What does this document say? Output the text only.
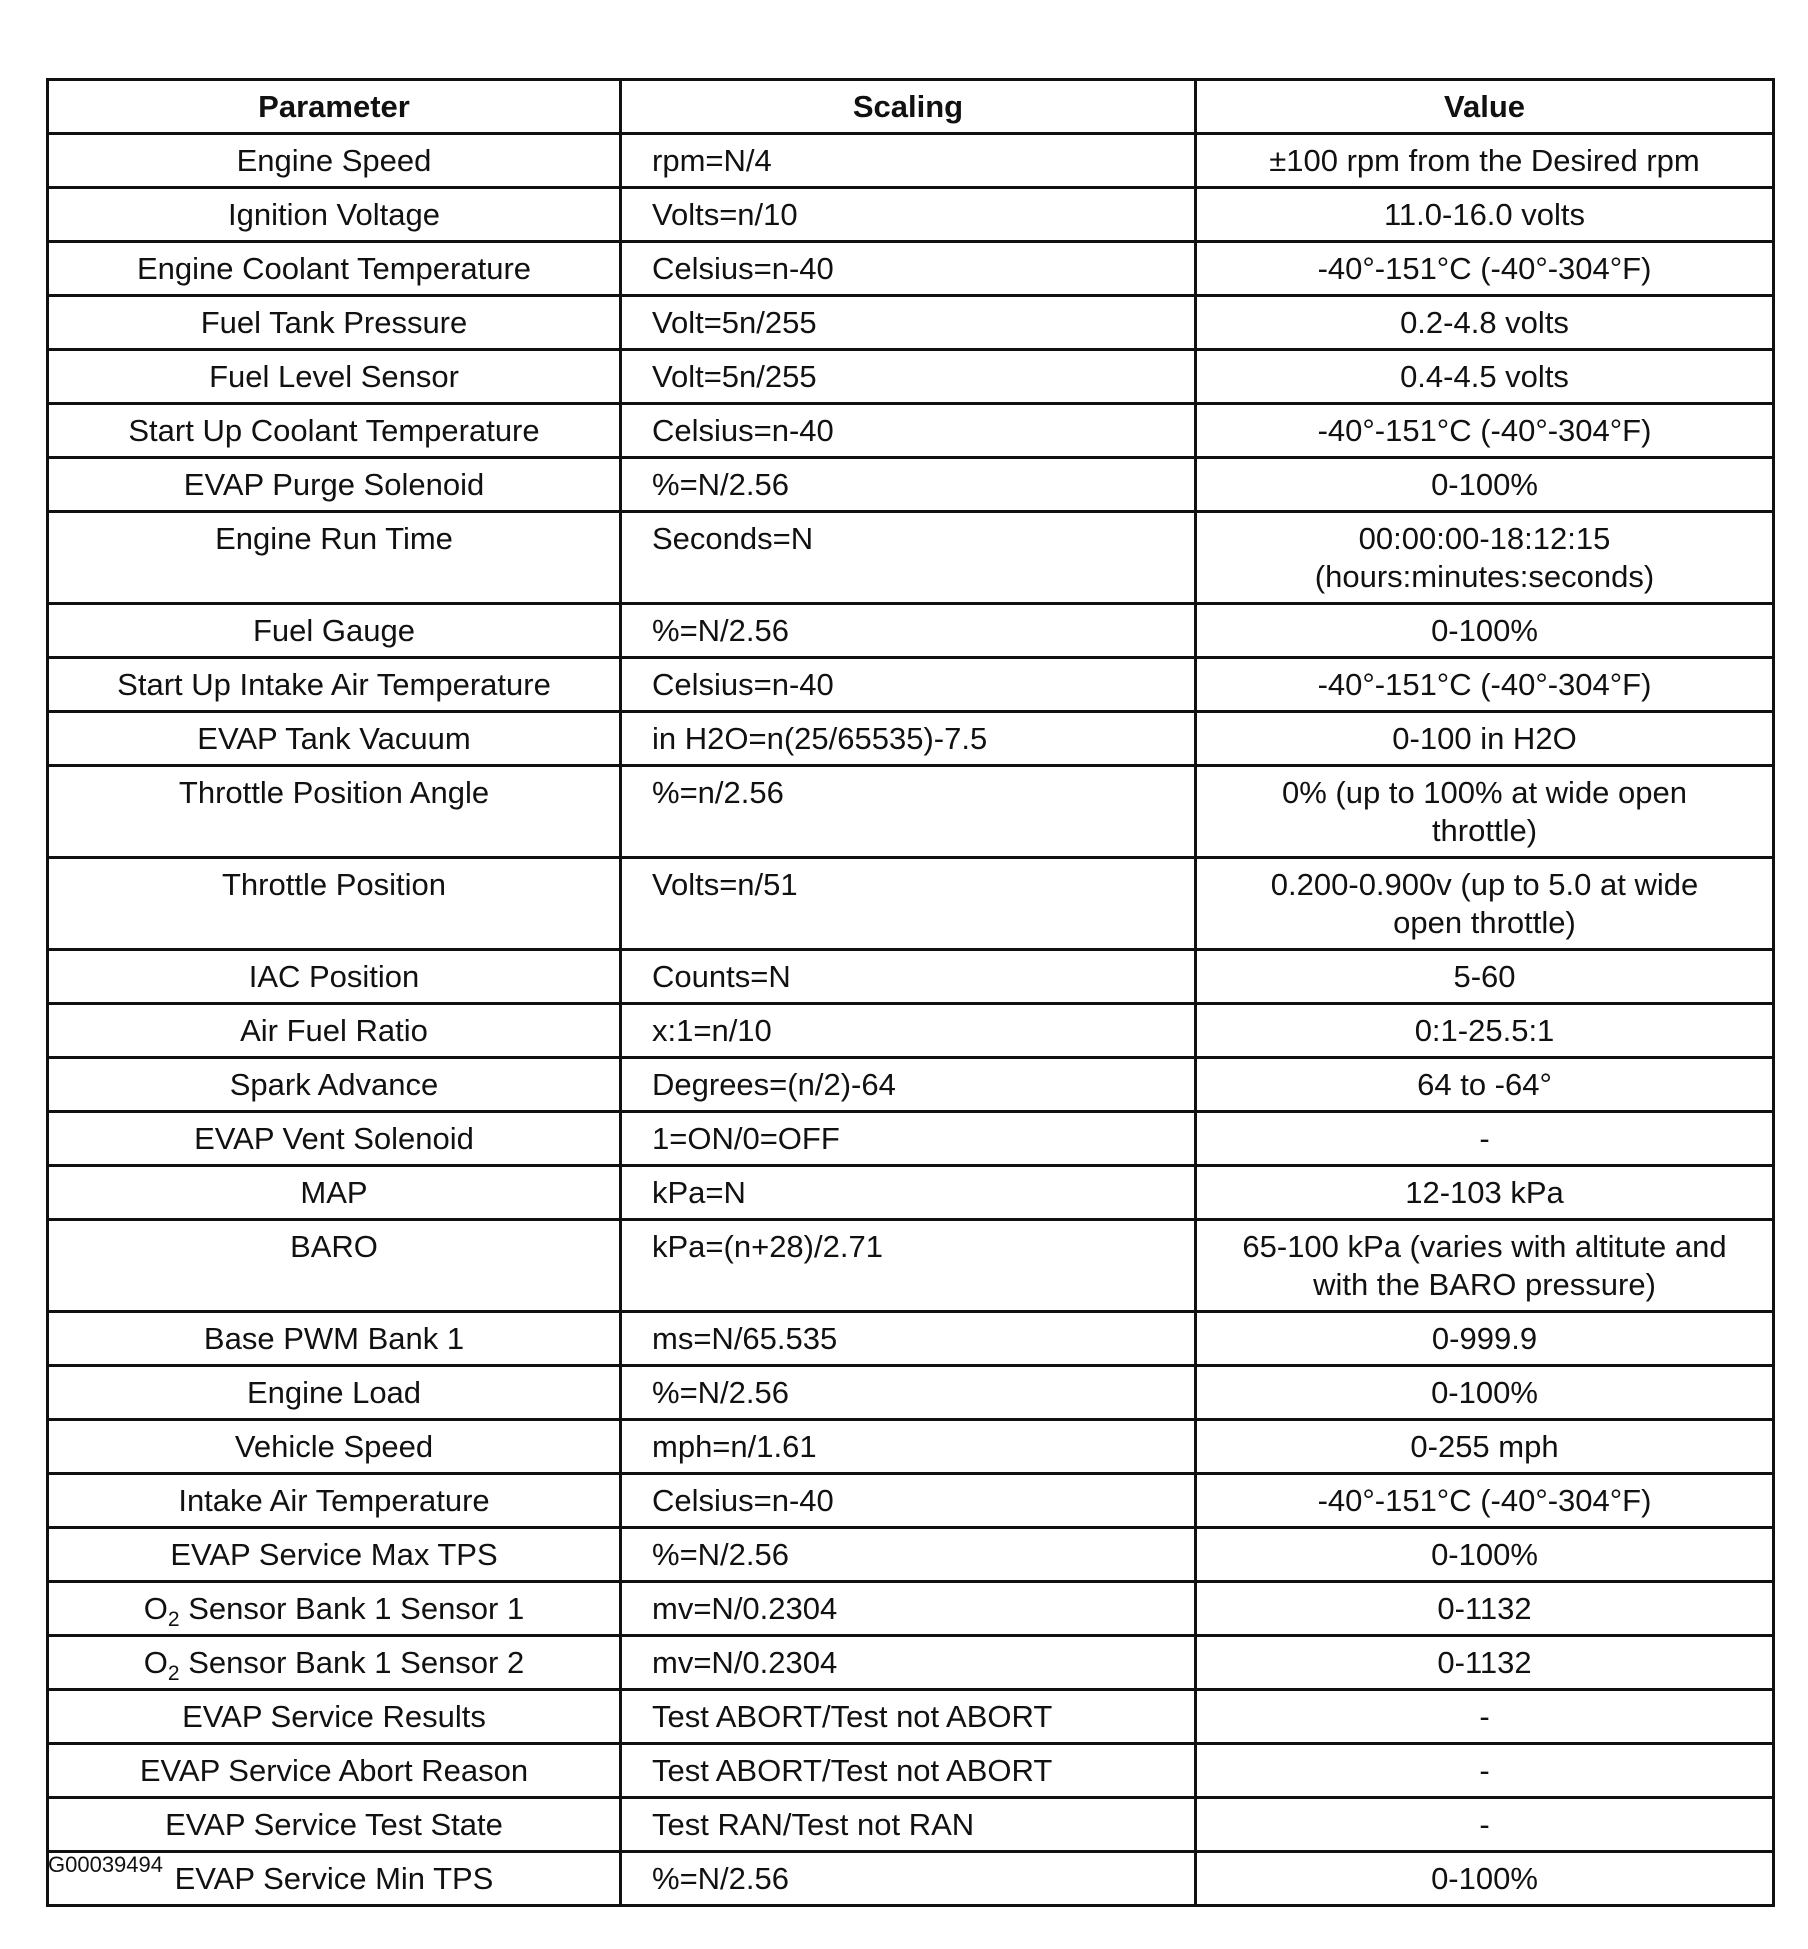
Parameter	Scaling	Value
Engine Speed	rpm=N/4	±100 rpm from the Desired rpm
Ignition Voltage	Volts=n/10	11.0-16.0 volts
Engine Coolant Temperature	Celsius=n-40	-40°-151°C (-40°-304°F)
Fuel Tank Pressure	Volt=5n/255	0.2-4.8 volts
Fuel Level Sensor	Volt=5n/255	0.4-4.5 volts
Start Up Coolant Temperature	Celsius=n-40	-40°-151°C (-40°-304°F)
EVAP Purge Solenoid	%=N/2.56	0-100%
Engine Run Time	Seconds=N	00:00:00-18:12:15
(hours:minutes:seconds)
Fuel Gauge	%=N/2.56	0-100%
Start Up Intake Air Temperature	Celsius=n-40	-40°-151°C (-40°-304°F)
EVAP Tank Vacuum	in H2O=n(25/65535)-7.5	0-100 in H2O
Throttle Position Angle	%=n/2.56	0% (up to 100% at wide open
throttle)
Throttle Position	Volts=n/51	0.200-0.900v (up to 5.0 at wide
open throttle)
IAC Position	Counts=N	5-60
Air Fuel Ratio	x:1=n/10	0:1-25.5:1
Spark Advance	Degrees=(n/2)-64	64 to -64°
EVAP Vent Solenoid	1=ON/0=OFF	-
MAP	kPa=N	12-103 kPa
BARO	kPa=(n+28)/2.71	65-100 kPa (varies with altitute and
with the BARO pressure)
Base PWM Bank 1	ms=N/65.535	0-999.9
Engine Load	%=N/2.56	0-100%
Vehicle Speed	mph=n/1.61	0-255 mph
Intake Air Temperature	Celsius=n-40	-40°-151°C (-40°-304°F)
EVAP Service Max TPS	%=N/2.56	0-100%
$O_2$ Sensor Bank 1 Sensor 1	mv=N/0.2304	0-1132
$O_2$ Sensor Bank 1 Sensor 2	mv=N/0.2304	0-1132
EVAP Service Results	Test ABORT/Test not ABORT	-
EVAP Service Abort Reason	Test ABORT/Test not ABORT	-
EVAP Service Test State	Test RAN/Test not RAN	-
EVAP Service Min TPS	%=N/2.56	0-100%
G00039494
